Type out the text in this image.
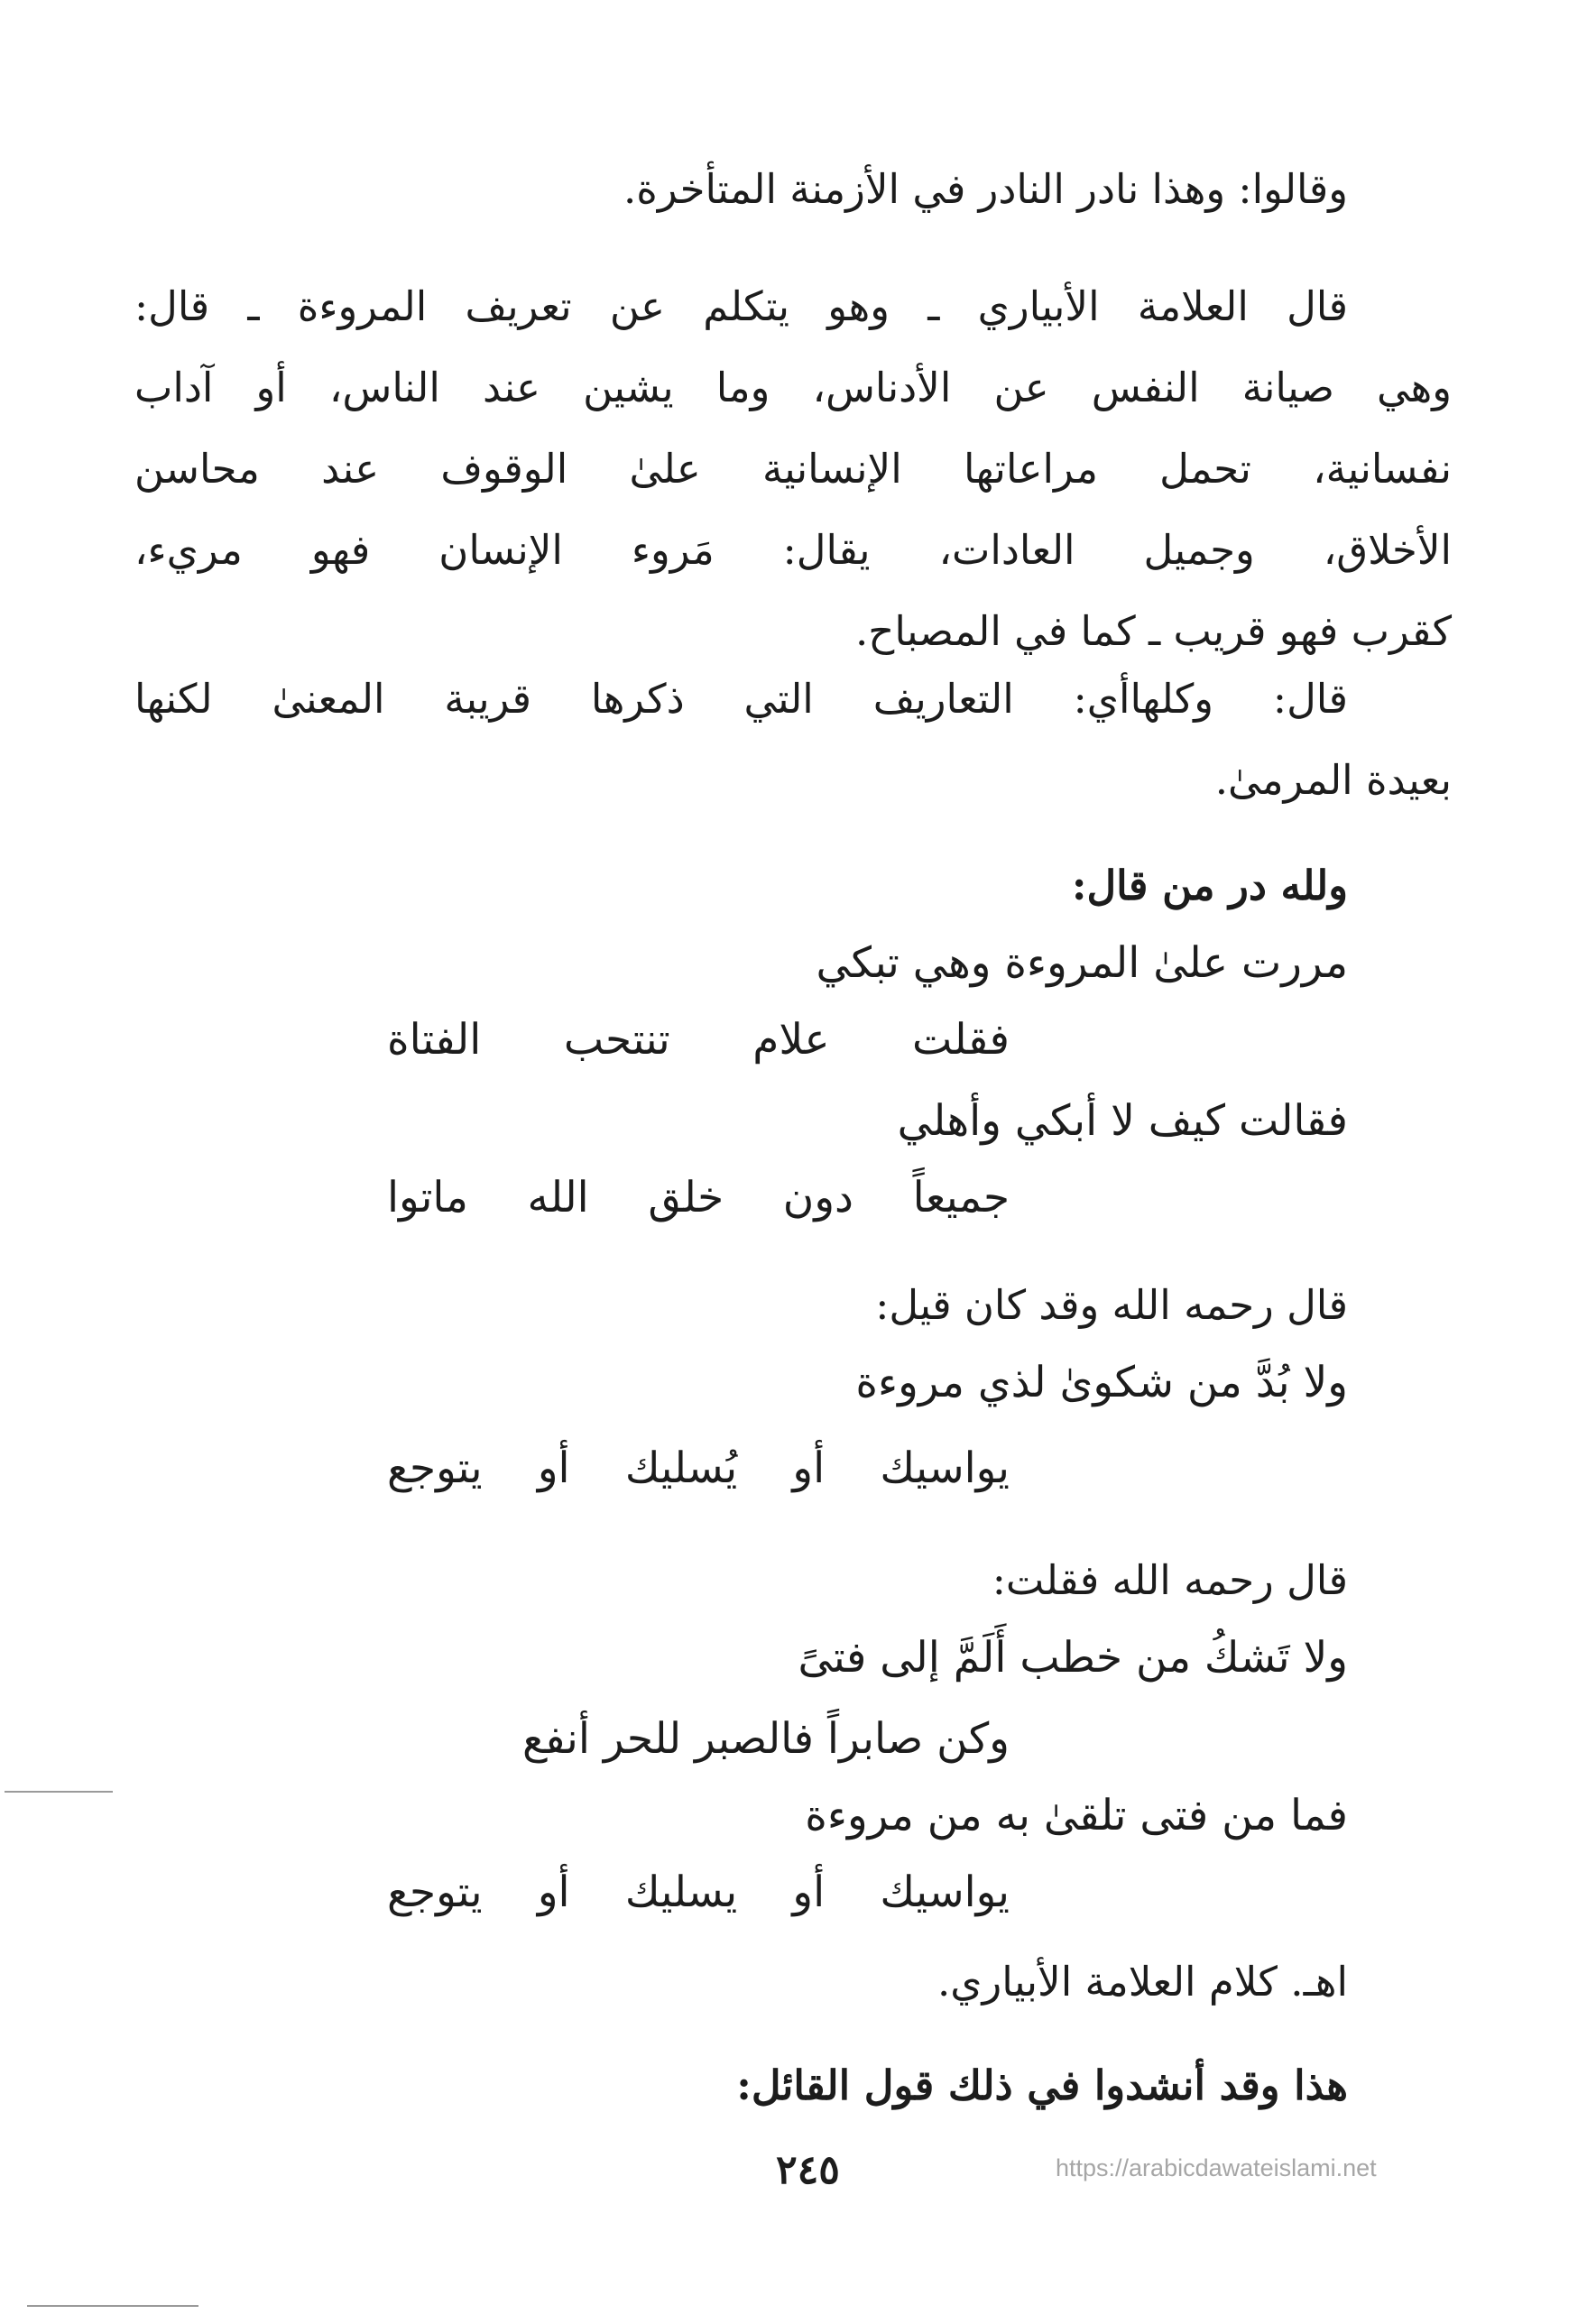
وقالوا: وهذا نادر النادر في الأزمنة المتأخرة.
قال العلامة الأبياري ـ وهو يتكلم عن تعريف المروءة ـ قال:
وهي صيانة النفس عن الأدناس، وما يشين عند الناس، أو آداب
نفسانية، تحمل مراعاتها الإنسانية علىٰ الوقوف عند محاسن
الأخلاق، وجميل العادات، يقال: مَروء الإنسان فهو مريء،
كقرب فهو قريب ـ كما في المصباح.
قال: وكلهاأي: التعاريف التي ذكرها قريبة المعنىٰ لكنها
بعيدة المرمىٰ.
ولله در من قال:
مررت علىٰ المروءة وهي تبكي
فقلت علام تنتحب الفتاة
فقالت كيف لا أبكي وأهلي
جميعاً دون خلق الله ماتوا
قال رحمه الله وقد كان قيل:
ولا بُدَّ من شكوىٰ لذي مروءة
يواسيك أو يُسليك أو يتوجع
قال رحمه الله فقلت:
ولا تَشكُ من خطب أَلَمَّ إلى فتىً
وكن صابراً فالصبر للحر أنفع
فما من فتى تلقىٰ به من مروءة
يواسيك أو يسليك أو يتوجع
اهـ. كلام العلامة الأبياري.
هذا وقد أنشدوا في ذلك قول القائل:
٢٤٥	https://arabicdawateislami.net
